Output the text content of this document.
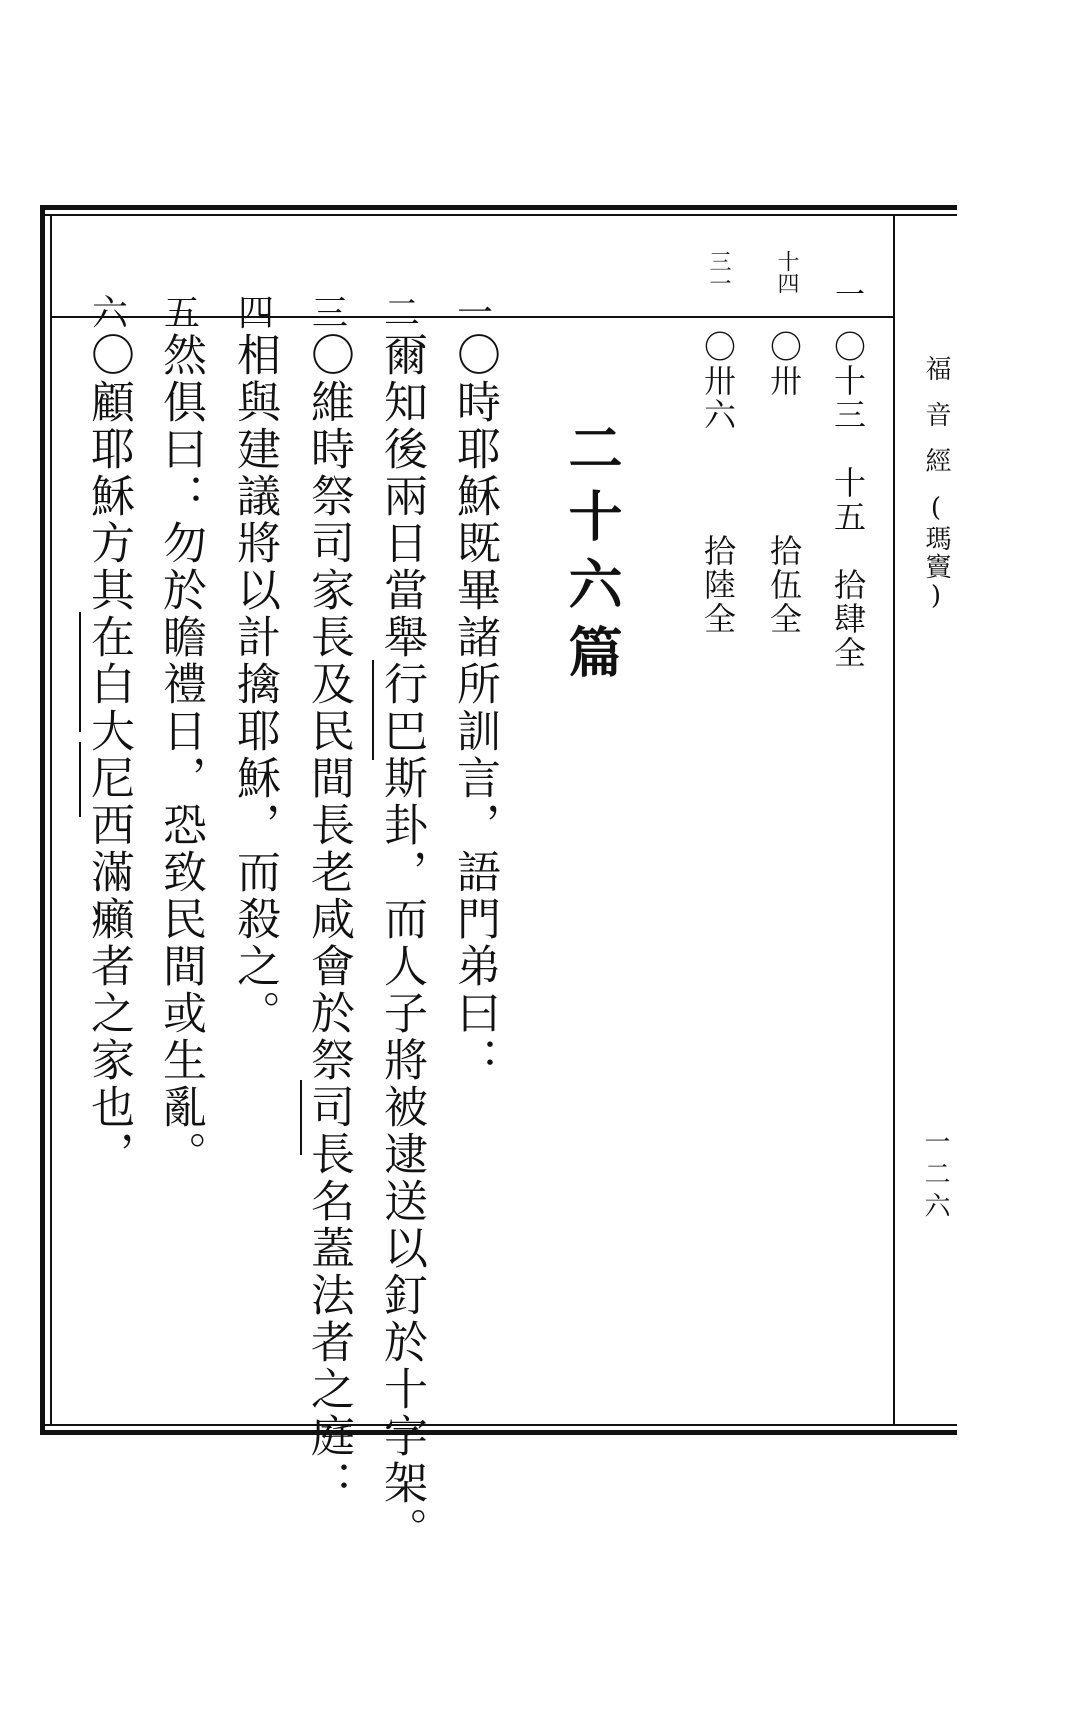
福音經(瑪竇)
一二六
一
十四
三一
〇十三　十五　拾肆全
〇卅　　　　拾伍全
〇卅六　　　拾陸全
二十六篇
一
二
三
四
五
六
〇時耶穌既畢諸所訓言，語門弟曰：
爾知後兩日當舉行巴斯卦，而人子將被逮送以釘於十字架。
〇維時祭司家長及民間長老咸會於祭司長名蓋法者之庭：
相與建議將以計擒耶穌，而殺之。
然俱曰：勿於瞻禮日，恐致民間或生亂。
〇顧耶穌方其在白大尼西滿癩者之家也，
